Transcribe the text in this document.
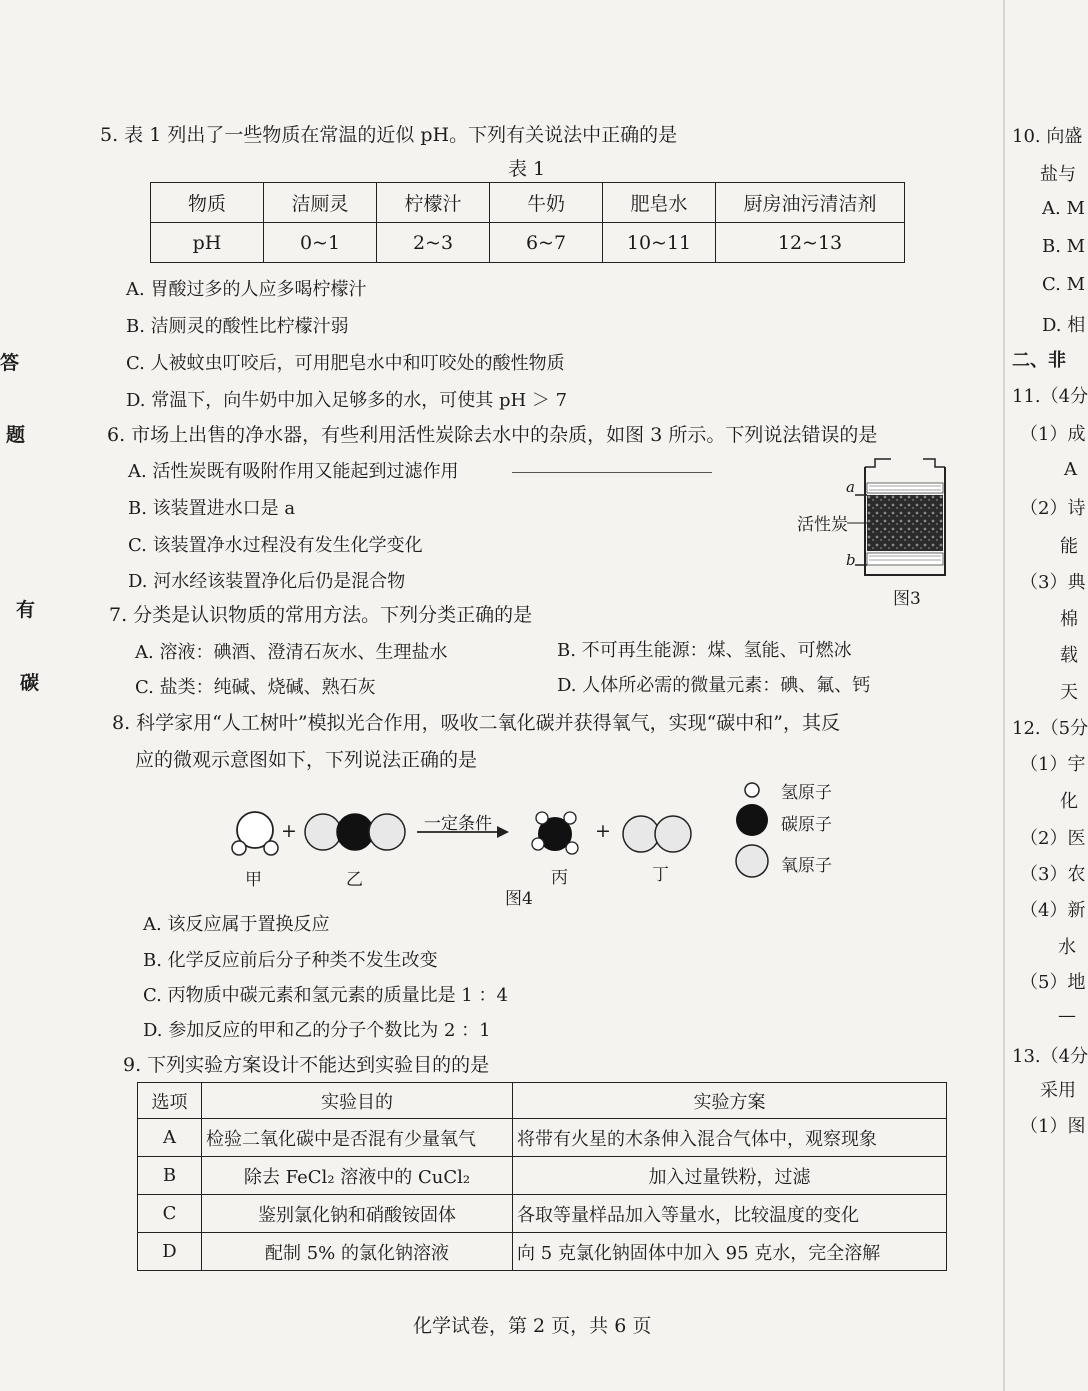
答
题
有
碳
5. 表 1 列出了一些物质在常温的近似 pH。下列有关说法中正确的是

表 1
物质	洁厕灵	柠檬汁	牛奶	肥皂水	厨房油污清洁剂
pH	0~1	2~3	6~7	10~11	12~13
A. 胃酸过多的人应多喝柠檬汁
B. 洁厕灵的酸性比柠檬汁弱
C. 人被蚊虫叮咬后，可用肥皂水中和叮咬处的酸性物质
D. 常温下，向牛奶中加入足够多的水，可使其 pH ＞ 7
6. 市场上出售的净水器，有些利用活性炭除去水中的杂质，如图 3 所示。下列说法错误的是
A. 活性炭既有吸附作用又能起到过滤作用
B. 该装置进水口是 a
C. 该装置净水过程没有发生化学变化
D. 河水经该装置净化后仍是混合物
a
b
活性炭
图3
7. 分类是认识物质的常用方法。下列分类正确的是
A. 溶液：碘酒、澄清石灰水、生理盐水	B. 不可再生能源：煤、氢能、可燃冰
C. 盐类：纯碱、烧碱、熟石灰	D. 人体所必需的微量元素：碘、氟、钙
8. 科学家用“人工树叶”模拟光合作用，吸收二氧化碳并获得氧气，实现“碳中和”，其反
应的微观示意图如下，下列说法正确的是
+	+
一定条件
甲	乙	丙	丁
图4
氢原子
碳原子
氧原子
A. 该反应属于置换反应
B. 化学反应前后分子种类不发生改变
C. 丙物质中碳元素和氢元素的质量比是 1 ：4
D. 参加反应的甲和乙的分子个数比为 2 ：1
9. 下列实验方案设计不能达到实验目的的是
选项	实验目的	实验方案
A	检验二氧化碳中是否混有少量氧气	将带有火星的木条伸入混合气体中，观察现象
B	除去 FeCl₂ 溶液中的 CuCl₂	加入过量铁粉，过滤
C	鉴别氯化钠和硝酸铵固体	各取等量样品加入等量水，比较温度的变化
D	配制 5% 的氯化钠溶液	向 5 克氯化钠固体中加入 95 克水，完全溶解
化学试卷，第 2 页，共 6 页
10. 向盛
盐与
A. M
B. M
C. M
D. 相
二、非
11.（4分
（1）成
A
（2）诗
能
（3）典
棉
载
天
12.（5分
（1）宇
化
（2）医
（3）农
（4）新
水
（5）地
—
13.（4分
采用
（1）图
